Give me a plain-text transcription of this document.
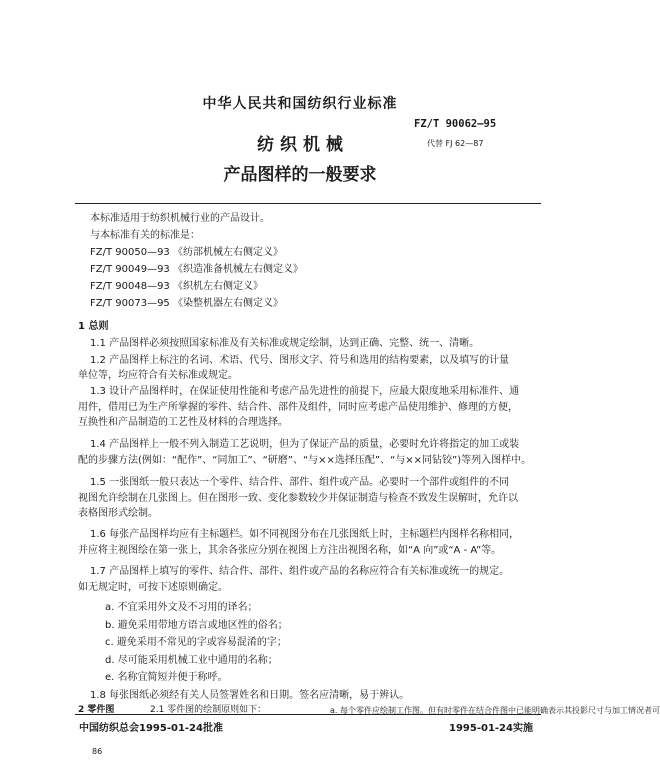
中华人民共和国纺织行业标准
FZ/T 90062—95
代替 FJ 62—87
纺 织 机 械
产品图样的一般要求
本标准适用于纺织机械行业的产品设计。
与本标准有关的标准是：
FZ/T 90050—93 《纺部机械左右侧定义》
FZ/T 90049—93 《织造准备机械左右侧定义》
FZ/T 90048—93 《织机左右侧定义》
FZ/T 90073—95 《染整机器左右侧定义》
1 总则
1.1 产品图样必须按照国家标准及有关标准或规定绘制，达到正确、完整、统一、清晰。
1.2 产品图样上标注的名词、术语、代号、图形文字、符号和选用的结构要素，以及填写的计量
单位等，均应符合有关标准或规定。
1.3 设计产品图样时，在保证使用性能和考虑产品先进性的前提下，应最大限度地采用标准件、通
用件，借用已为生产所掌握的零件、结合件、部件及组件，同时应考虑产品使用维护、修理的方便，
互换性和产品制造的工艺性及材料的合理选择。
1.4 产品图样上一般不列入制造工艺说明，但为了保证产品的质量，必要时允许将指定的加工或装
配的步骤方法(例如：“配作”、“同加工”、“研磨”、“与××选择压配”、“与××同钻铰”)等列入图样中。
1.5 一张图纸一般只表达一个零件、结合件、部件、组件或产品。必要时一个部件或组件的不同
视图允许绘制在几张图上。但在图形一致、变化参数较少并保证制造与检查不致发生误解时，允许以
表格图形式绘制。
1.6 每张产品图样均应有主标题栏。如不同视图分布在几张图纸上时，主标题栏内图样名称相同，
并应将主视图绘在第一张上，其余各张应分别在视图上方注出视图名称，如“A 向”或“A - A”等。
1.7 产品图样上填写的零件、结合件、部件、组件或产品的名称应符合有关标准或统一的规定。
如无规定时，可按下述原则确定。
a. 不宜采用外文及不习用的译名；
b. 避免采用带地方语言或地区性的俗名；
c. 避免采用不常见的字或容易混淆的字；
d. 尽可能采用机械工业中通用的名称；
e. 名称宜简短并便于称呼。
1.8 每张图纸必须经有关人员签署姓名和日期。签名应清晰，易于辨认。
中国纺织总会1995-01-24批准	1995-01-24实施
86
2 零件图	2.1 零件图的绘制原则如下：	a. 每个零件应绘制工作图。但有时零件在结合件图中已能明确表示其投影尺寸与加工情况者可
